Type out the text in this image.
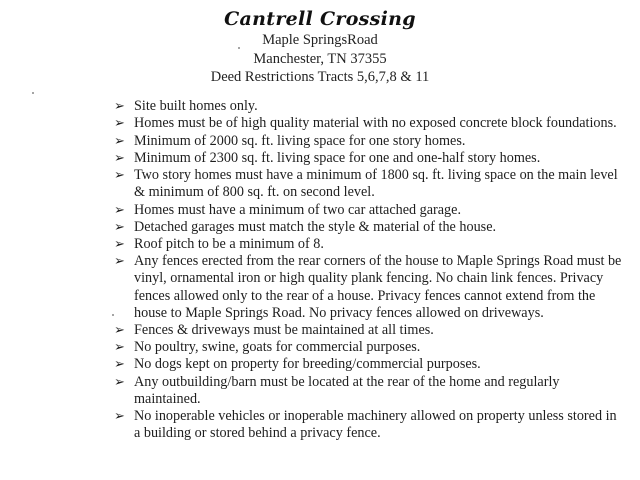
Cantrell Crossing
Maple SpringsRoad
Manchester, TN 37355
Deed Restrictions Tracts 5,6,7,8 & 11
➢ Site built homes only.
➢ Homes must be of high quality material with no exposed concrete block foundations.
➢ Minimum of 2000 sq. ft. living space for one story homes.
➢ Minimum of 2300 sq. ft. living space for one and one-half story homes.
➢ Two story homes must have a minimum of 1800 sq. ft. living space on the main level & minimum of 800 sq. ft. on second level.
➢ Homes must have a minimum of two car attached garage.
➢ Detached garages must match the style & material of the house.
➢ Roof pitch to be a minimum of 8.
➢ Any fences erected from the rear corners of the house to Maple Springs Road must be vinyl, ornamental iron or high quality plank fencing. No chain link fences. Privacy fences allowed only to the rear of a house. Privacy fences cannot extend from the house to Maple Springs Road. No privacy fences allowed on driveways.
➢ Fences & driveways must be maintained at all times.
➢ No poultry, swine, goats for commercial purposes.
➢ No dogs kept on property for breeding/commercial purposes.
➢ Any outbuilding/barn must be located at the rear of the home and regularly maintained.
➢ No inoperable vehicles or inoperable machinery allowed on property unless stored in a building or stored behind a privacy fence.
